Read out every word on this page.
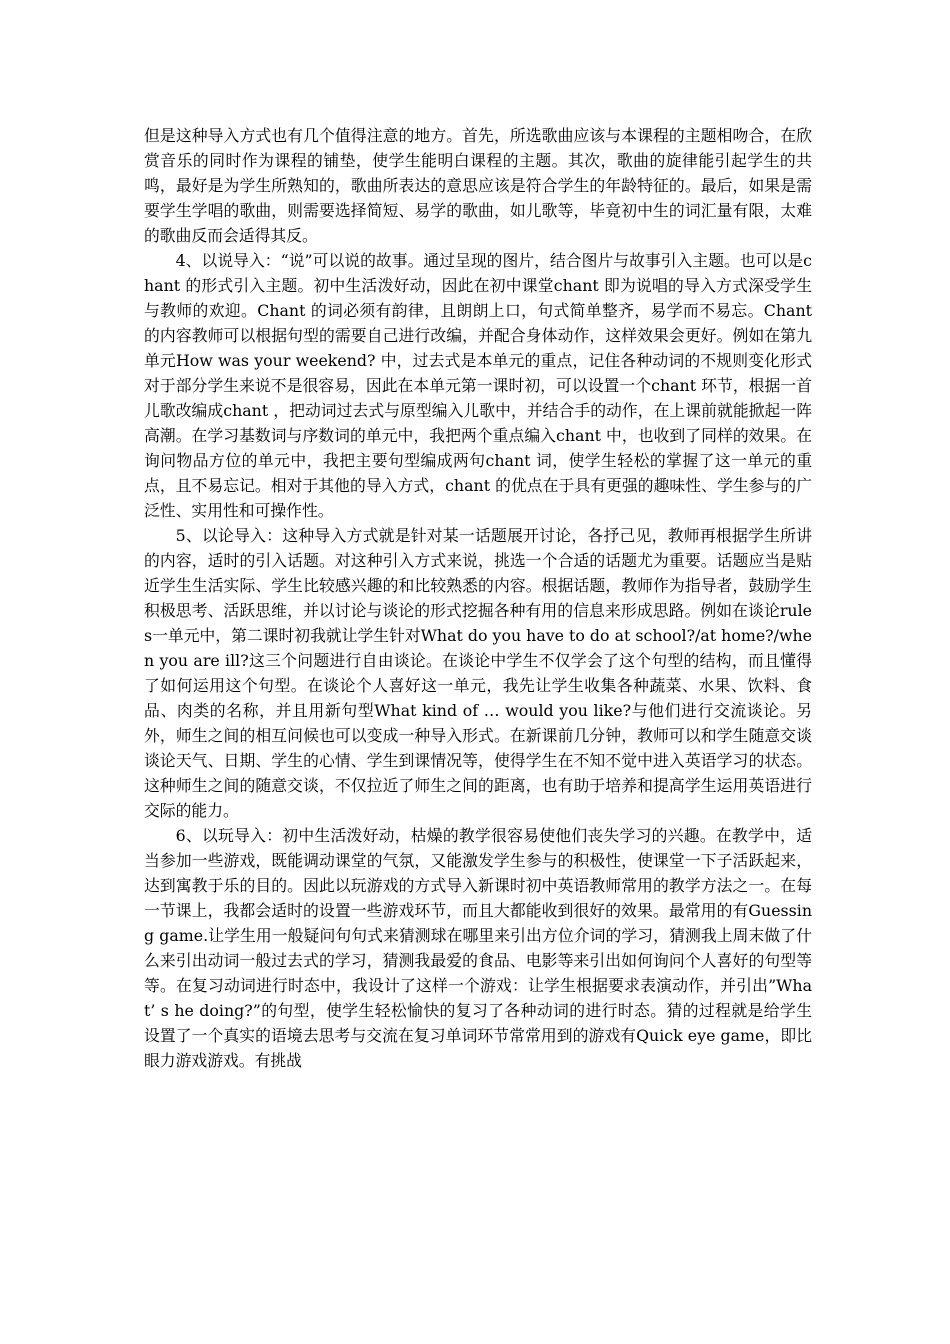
但是这种导入方式也有几个值得注意的地方。首先，所选歌曲应该与本课程的主题相吻合，在欣赏音乐的同时作为课程的铺垫，使学生能明白课程的主题。其次，歌曲的旋律能引起学生的共鸣，最好是为学生所熟知的，歌曲所表达的意思应该是符合学生的年龄特征的。最后，如果是需要学生学唱的歌曲，则需要选择简短、易学的歌曲，如儿歌等，毕竟初中生的词汇量有限，太难的歌曲反而会适得其反。

4、以说导入：“说”可以说的故事。通过呈现的图片，结合图片与故事引入主题。也可以是chant 的形式引入主题。初中生活泼好动，因此在初中课堂chant 即为说唱的导入方式深受学生与教师的欢迎。Chant 的词必须有韵律，且朗朗上口，句式简单整齐，易学而不易忘。Chant 的内容教师可以根据句型的需要自己进行改编，并配合身体动作，这样效果会更好。例如在第九单元How was your weekend? 中，过去式是本单元的重点，记住各种动词的不规则变化形式对于部分学生来说不是很容易，因此在本单元第一课时初，可以设置一个chant 环节，根据一首儿歌改编成chant ，把动词过去式与原型编入儿歌中，并结合手的动作，在上课前就能掀起一阵高潮。在学习基数词与序数词的单元中，我把两个重点编入chant 中，也收到了同样的效果。在询问物品方位的单元中，我把主要句型编成两句chant 词，使学生轻松的掌握了这一单元的重点，且不易忘记。相对于其他的导入方式，chant 的优点在于具有更强的趣味性、学生参与的广泛性、实用性和可操作性。

5、以论导入：这种导入方式就是针对某一话题展开讨论，各抒己见，教师再根据学生所讲的内容，适时的引入话题。对这种引入方式来说，挑选一个合适的话题尤为重要。话题应当是贴近学生生活实际、学生比较感兴趣的和比较熟悉的内容。根据话题，教师作为指导者，鼓励学生积极思考、活跃思维，并以讨论与谈论的形式挖掘各种有用的信息来形成思路。例如在谈论rules一单元中，第二课时初我就让学生针对What do you have to do at school?/at home?/when you are ill?这三个问题进行自由谈论。在谈论中学生不仅学会了这个句型的结构，而且懂得了如何运用这个句型。在谈论个人喜好这一单元，我先让学生收集各种蔬菜、水果、饮料、食品、肉类的名称，并且用新句型What kind of … would you like?与他们进行交流谈论。另外，师生之间的相互问候也可以变成一种导入形式。在新课前几分钟，教师可以和学生随意交谈谈论天气、日期、学生的心情、学生到课情况等，使得学生在不知不觉中进入英语学习的状态。这种师生之间的随意交谈，不仅拉近了师生之间的距离，也有助于培养和提高学生运用英语进行交际的能力。

6、以玩导入：初中生活泼好动，枯燥的教学很容易使他们丧失学习的兴趣。在教学中，适当参加一些游戏，既能调动课堂的气氛，又能激发学生参与的积极性，使课堂一下子活跃起来，达到寓教于乐的目的。因此以玩游戏的方式导入新课时初中英语教师常用的教学方法之一。在每一节课上，我都会适时的设置一些游戏环节，而且大都能收到很好的效果。最常用的有Guessing game.让学生用一般疑问句句式来猜测球在哪里来引出方位介词的学习，猜测我上周末做了什么来引出动词一般过去式的学习，猜测我最爱的食品、电影等来引出如何询问个人喜好的句型等等。在复习动词进行时态中，我设计了这样一个游戏：让学生根据要求表演动作，并引出”What’ s he doing?”的句型，使学生轻松愉快的复习了各种动词的进行时态。猜的过程就是给学生设置了一个真实的语境去思考与交流在复习单词环节常常用到的游戏有Quick eye game，即比眼力游戏游戏。有挑战
